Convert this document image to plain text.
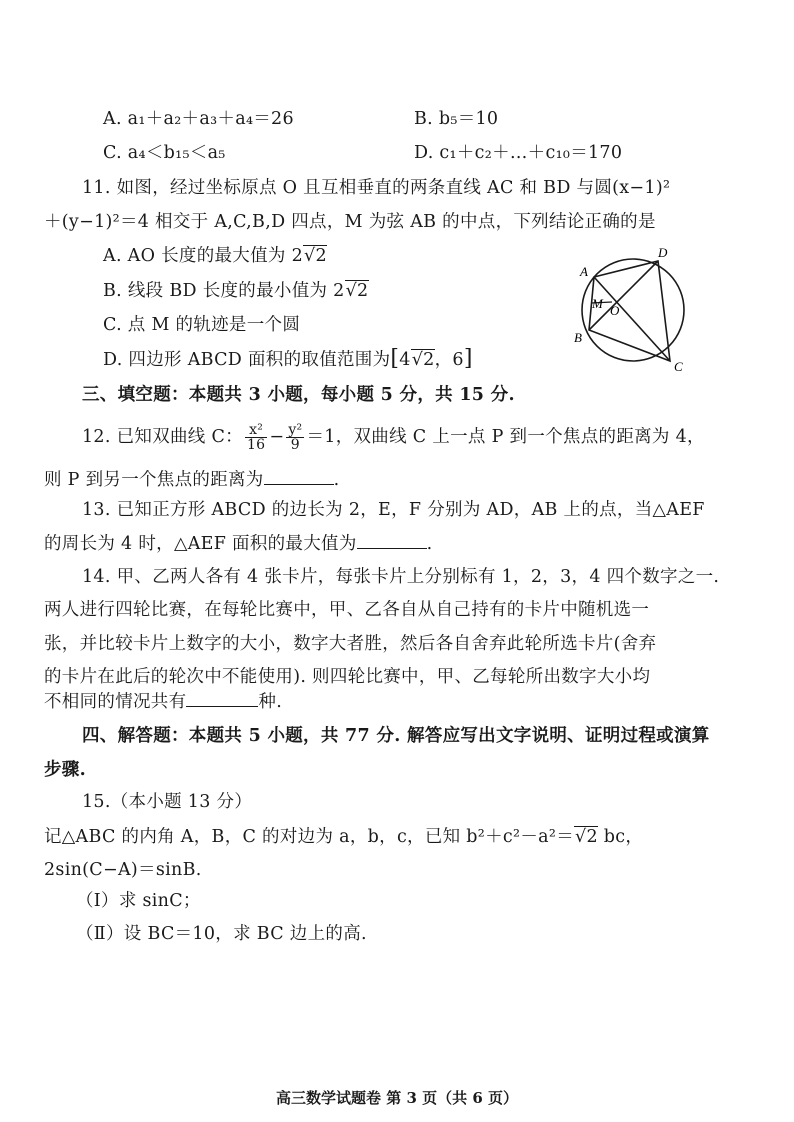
A. a₁＋a₂＋a₃＋a₄＝26	B. b₅＝10
C. a₄＜b₁₅＜a₅	D. c₁＋c₂＋…＋c₁₀＝170
11. 如图，经过坐标原点 O 且互相垂直的两条直线 AC 和 BD 与圆(x−1)²
＋(y−1)²＝4 相交于 A,C,B,D 四点，M 为弦 AB 的中点，下列结论正确的是
A. AO 长度的最大值为 2√2
B. 线段 BD 长度的最小值为 2√2
C. 点 M 的轨迹是一个圆
D. 四边形 ABCD 面积的取值范围为[4√2，6]
A
D
M O
B
C
三、填空题：本题共 3 小题，每小题 5 分，共 15 分.
12. 已知双曲线 C： $\frac{\text{x²}}{16} - \frac{\text{y²}}{9} =1$，双曲线 C 上一点 P 到一个焦点的距离为 4，
则 P 到另一个焦点的距离为	.
13. 已知正方形 ABCD 的边长为 2，E，F 分别为 AD，AB 上的点，当△AEF
的周长为 4 时，△AEF 面积的最大值为	.
14. 甲、乙两人各有 4 张卡片，每张卡片上分别标有 1，2，3，4 四个数字之一.
两人进行四轮比赛，在每轮比赛中，甲、乙各自从自己持有的卡片中随机选一
张，并比较卡片上数字的大小，数字大者胜，然后各自舍弃此轮所选卡片(舍弃
的卡片在此后的轮次中不能使用). 则四轮比赛中，甲、乙每轮所出数字大小均
不相同的情况共有	种.
四、解答题：本题共 5 小题，共 77 分. 解答应写出文字说明、证明过程或演算
步骤.
15.（本小题 13 分）
记△ABC 的内角 A，B，C 的对边为 a，b，c，已知 b²＋c²－a²＝√2 bc，
2sin(C−A)＝sinB.
（Ⅰ）求 sinC；
（Ⅱ）设 BC＝10，求 BC 边上的高.
高三数学试题卷 第 3 页（共 6 页）
